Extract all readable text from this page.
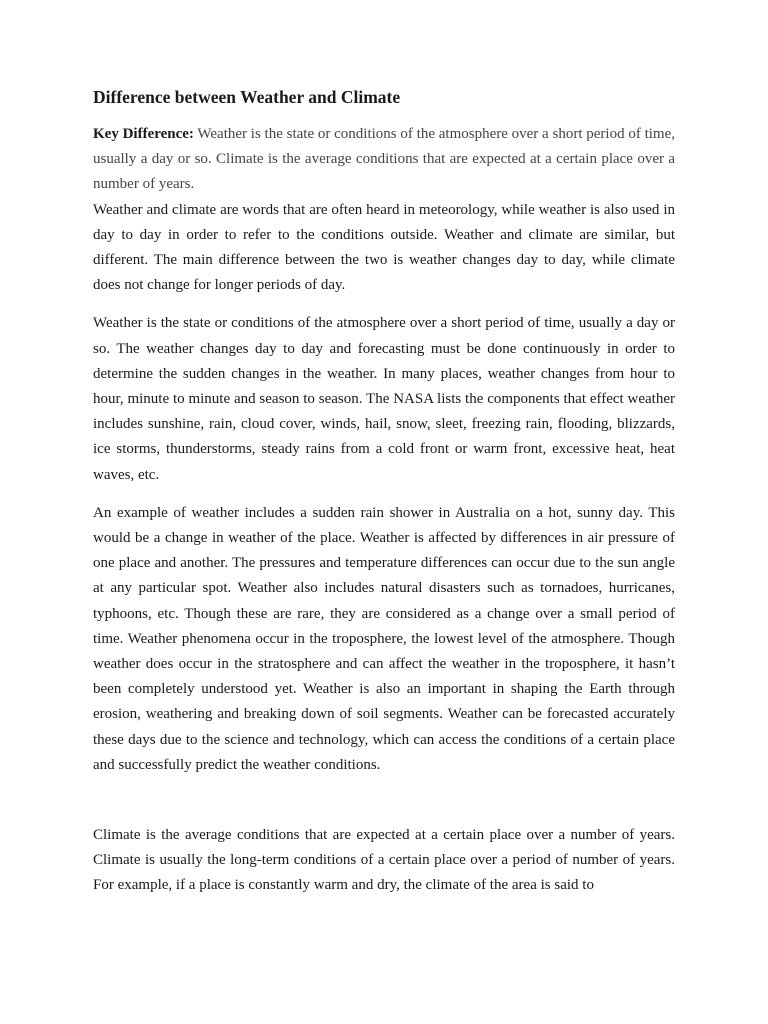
Difference between Weather and Climate

Key Difference: Weather is the state or conditions of the atmosphere over a short period of time, usually a day or so. Climate is the average conditions that are expected at a certain place over a number of years.

Weather and climate are words that are often heard in meteorology, while weather is also used in day to day in order to refer to the conditions outside. Weather and climate are similar, but different. The main difference between the two is weather changes day to day, while climate does not change for longer periods of day.

Weather is the state or conditions of the atmosphere over a short period of time, usually a day or so. The weather changes day to day and forecasting must be done continuously in order to determine the sudden changes in the weather. In many places, weather changes from hour to hour, minute to minute and season to season. The NASA lists the components that effect weather includes sunshine, rain, cloud cover, winds, hail, snow, sleet, freezing rain, flooding, blizzards, ice storms, thunderstorms, steady rains from a cold front or warm front, excessive heat, heat waves, etc.

An example of weather includes a sudden rain shower in Australia on a hot, sunny day. This would be a change in weather of the place. Weather is affected by differences in air pressure of one place and another. The pressures and temperature differences can occur due to the sun angle at any particular spot. Weather also includes natural disasters such as tornadoes, hurricanes, typhoons, etc. Though these are rare, they are considered as a change over a small period of time. Weather phenomena occur in the troposphere, the lowest level of the atmosphere. Though weather does occur in the stratosphere and can affect the weather in the troposphere, it hasn’t been completely understood yet. Weather is also an important in shaping the Earth through erosion, weathering and breaking down of soil segments. Weather can be forecasted accurately these days due to the science and technology, which can access the conditions of a certain place and successfully predict the weather conditions.

Climate is the average conditions that are expected at a certain place over a number of years. Climate is usually the long-term conditions of a certain place over a period of number of years. For example, if a place is constantly warm and dry, the climate of the area is said to
